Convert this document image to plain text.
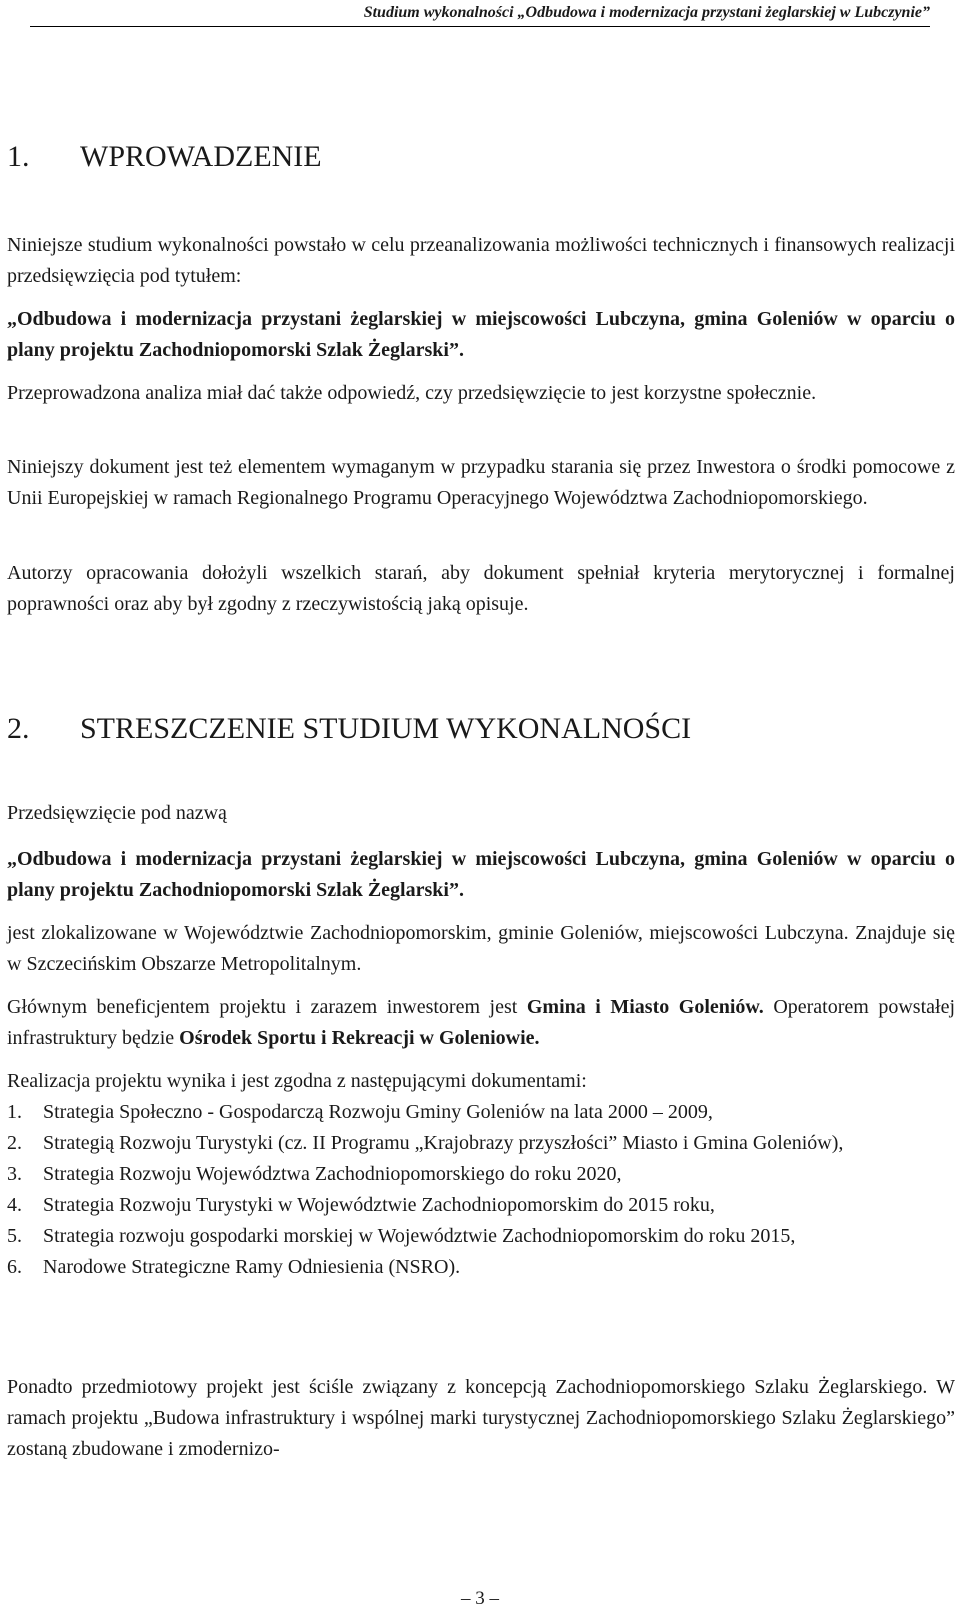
Studium wykonalności „Odbudowa i modernizacja przystani żeglarskiej w Lubczynie”
1. WPROWADZENIE

Niniejsze studium wykonalności powstało w celu przeanalizowania możliwości technicznych i finansowych realizacji przedsięwzięcia pod tytułem:

„Odbudowa i modernizacja przystani żeglarskiej w miejscowości Lubczyna, gmina Goleniów w oparciu o plany projektu Zachodniopomorski Szlak Żeglarski”.

Przeprowadzona analiza miał dać także odpowiedź, czy przedsięwzięcie to jest korzystne społecznie.

Niniejszy dokument jest też elementem wymaganym w przypadku starania się przez Inwestora o środki pomocowe z Unii Europejskiej w ramach Regionalnego Programu Operacyjnego Województwa Zachodniopomorskiego.

Autorzy opracowania dołożyli wszelkich starań, aby dokument spełniał kryteria merytorycznej i formalnej poprawności oraz aby był zgodny z rzeczywistością jaką opisuje.

2. STRESZCZENIE STUDIUM WYKONALNOŚCI

Przedsięwzięcie pod nazwą

„Odbudowa i modernizacja przystani żeglarskiej w miejscowości Lubczyna, gmina Goleniów w oparciu o plany projektu Zachodniopomorski Szlak Żeglarski”.

jest zlokalizowane w Województwie Zachodniopomorskim, gminie Goleniów, miejscowości Lubczyna. Znajduje się w Szczecińskim Obszarze Metropolitalnym.

Głównym beneficjentem projektu i zarazem inwestorem jest Gmina i Miasto Goleniów. Operatorem powstałej infrastruktury będzie Ośrodek Sportu i Rekreacji w Goleniowie.

Realizacja projektu wynika i jest zgodna z następującymi dokumentami:

1.	Strategia Społeczno - Gospodarczą Rozwoju Gminy Goleniów na lata 2000 – 2009,
2.	Strategią Rozwoju Turystyki (cz. II Programu „Krajobrazy przyszłości” Miasto i Gmina Goleniów),
3.	Strategia Rozwoju Województwa Zachodniopomorskiego do roku 2020,
4.	Strategia Rozwoju Turystyki w Województwie Zachodniopomorskim do 2015 roku,
5.	Strategia rozwoju gospodarki morskiej w Województwie Zachodniopomorskim do roku 2015,
6.	Narodowe Strategiczne Ramy Odniesienia (NSRO).

Ponadto przedmiotowy projekt jest ściśle związany z koncepcją Zachodniopomorskiego Szlaku Żeglarskiego. W ramach projektu „Budowa infrastruktury i wspólnej marki turystycznej Zachodniopomorskiego Szlaku Żeglarskiego” zostaną zbudowane i zmodernizo-

– 3 –
